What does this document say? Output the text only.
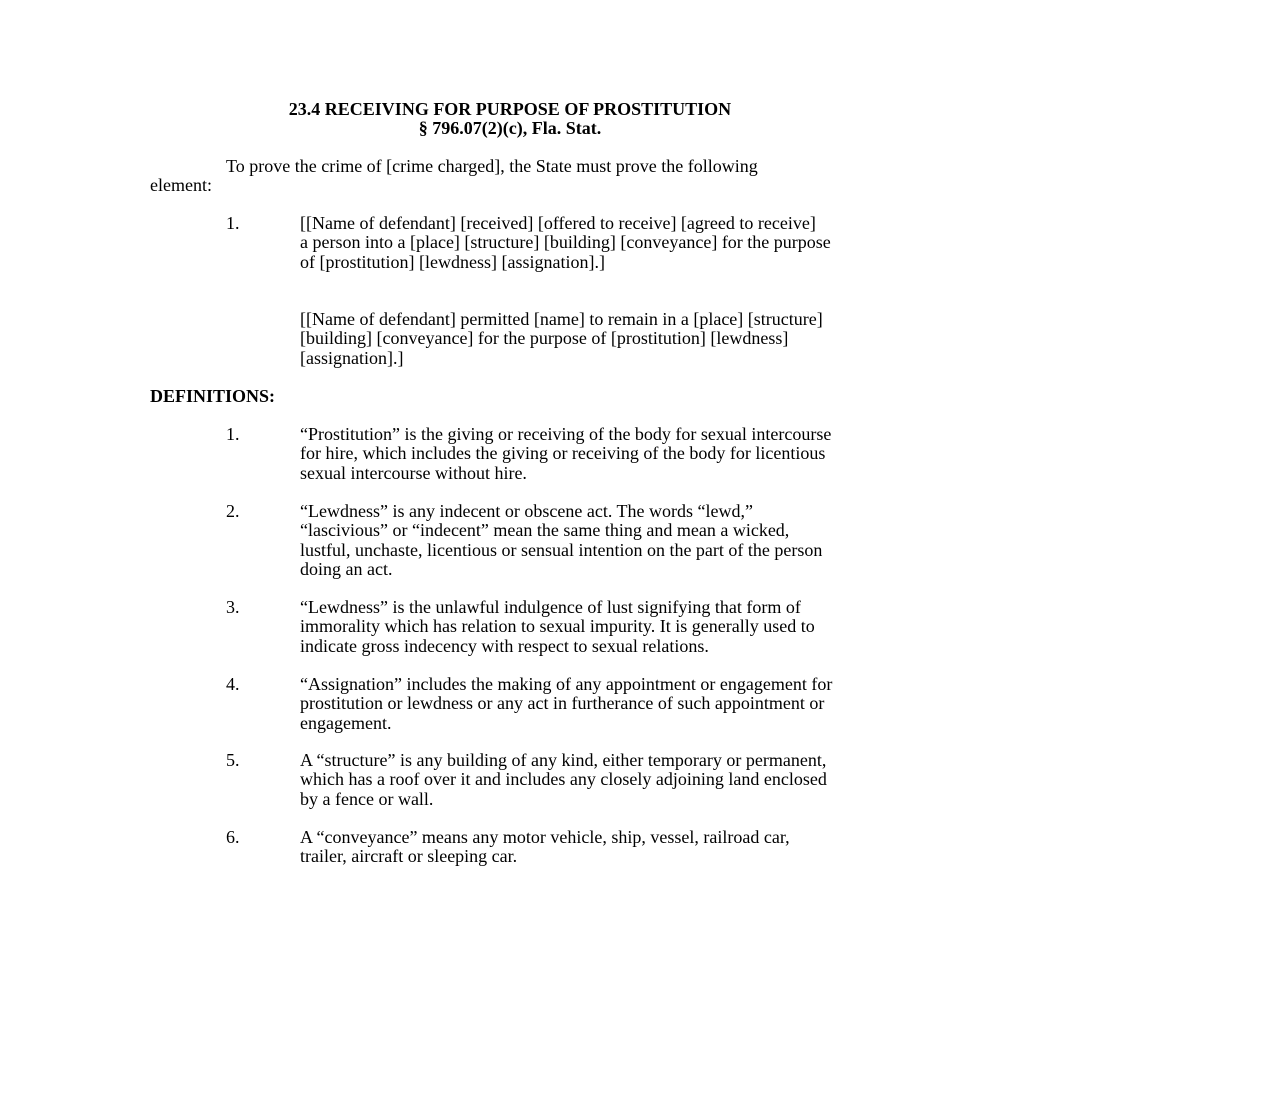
23.4 RECEIVING FOR PURPOSE OF PROSTITUTION
§ 796.07(2)(c), Fla. Stat.
To prove the crime of [crime charged], the State must prove the following
element:
1.	[[Name of defendant] [received] [offered to receive] [agreed to receive]
a person into a [place] [structure] [building] [conveyance] for the purpose
of [prostitution] [lewdness] [assignation].]
[[Name of defendant] permitted [name] to remain in a [place] [structure]
[building] [conveyance] for the purpose of [prostitution] [lewdness]
[assignation].]
DEFINITIONS:
1.	“Prostitution” is the giving or receiving of the body for sexual intercourse
for hire, which includes the giving or receiving of the body for licentious
sexual intercourse without hire.
2.	“Lewdness” is any indecent or obscene act. The words “lewd,”
“lascivious” or “indecent” mean the same thing and mean a wicked,
lustful, unchaste, licentious or sensual intention on the part of the person
doing an act.
3.	“Lewdness” is the unlawful indulgence of lust signifying that form of
immorality which has relation to sexual impurity. It is generally used to
indicate gross indecency with respect to sexual relations.
4.	“Assignation” includes the making of any appointment or engagement for
prostitution or lewdness or any act in furtherance of such appointment or
engagement.
5.	A “structure” is any building of any kind, either temporary or permanent,
which has a roof over it and includes any closely adjoining land enclosed
by a fence or wall.
6.	A “conveyance” means any motor vehicle, ship, vessel, railroad car,
trailer, aircraft or sleeping car.
